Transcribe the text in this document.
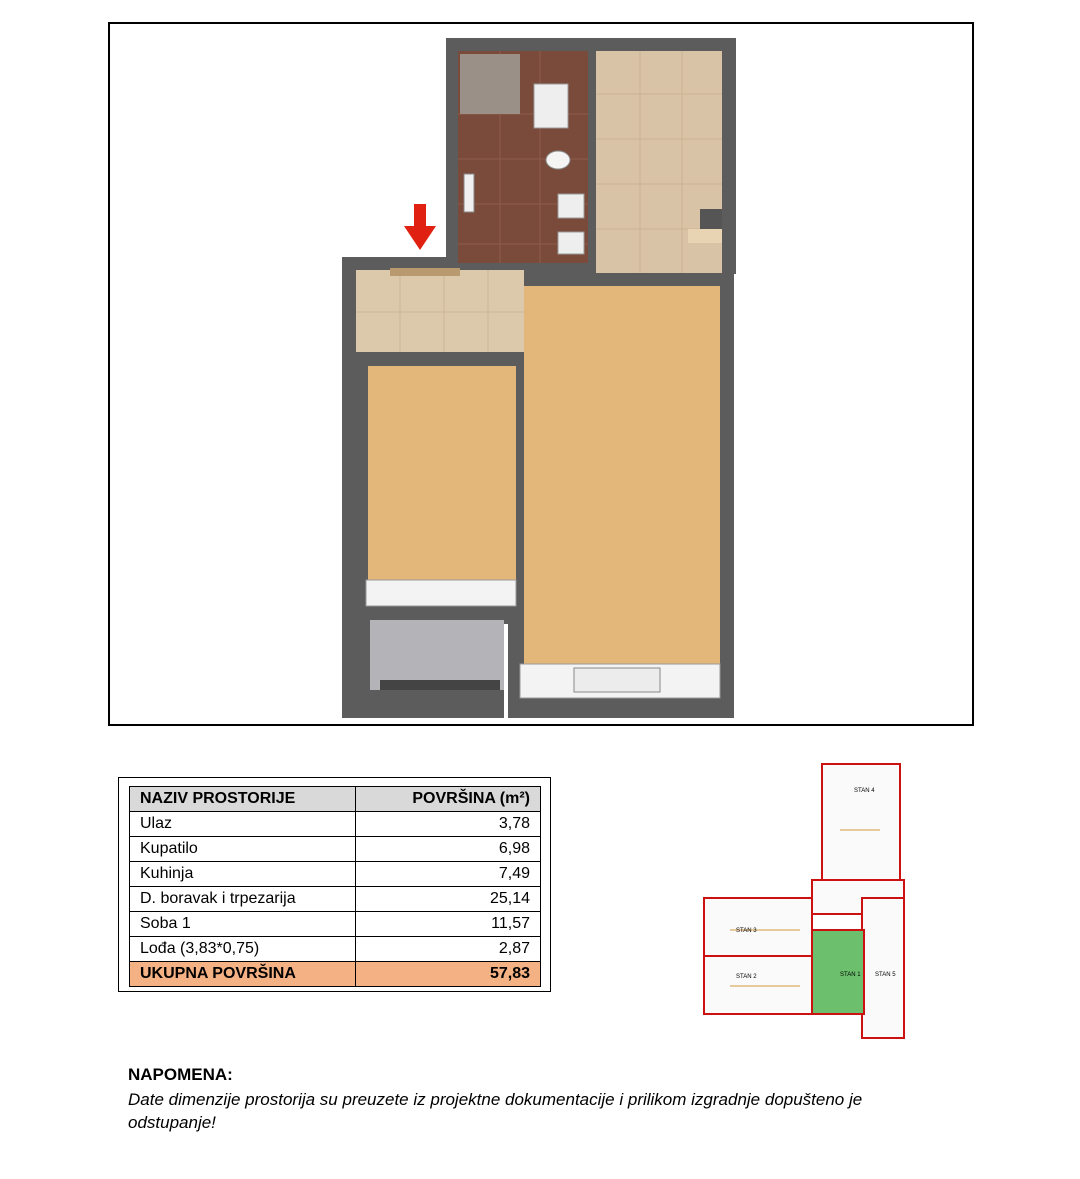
NAZIV PROSTORIJE	POVRŠINA (m²)
Ulaz	3,78
Kupatilo	6,98
Kuhinja	7,49
D. boravak i trpezarija	25,14
Soba 1	11,57
Lođa (3,83*0,75)	2,87
UKUPNA POVRŠINA	57,83
STAN 4
STAN 3
STAN 2	STAN 1 STAN 5
NAPOMENA:
Date dimenzije prostorija su preuzete iz projektne dokumentacije i prilikom izgradnje dopušteno je odstupanje!
